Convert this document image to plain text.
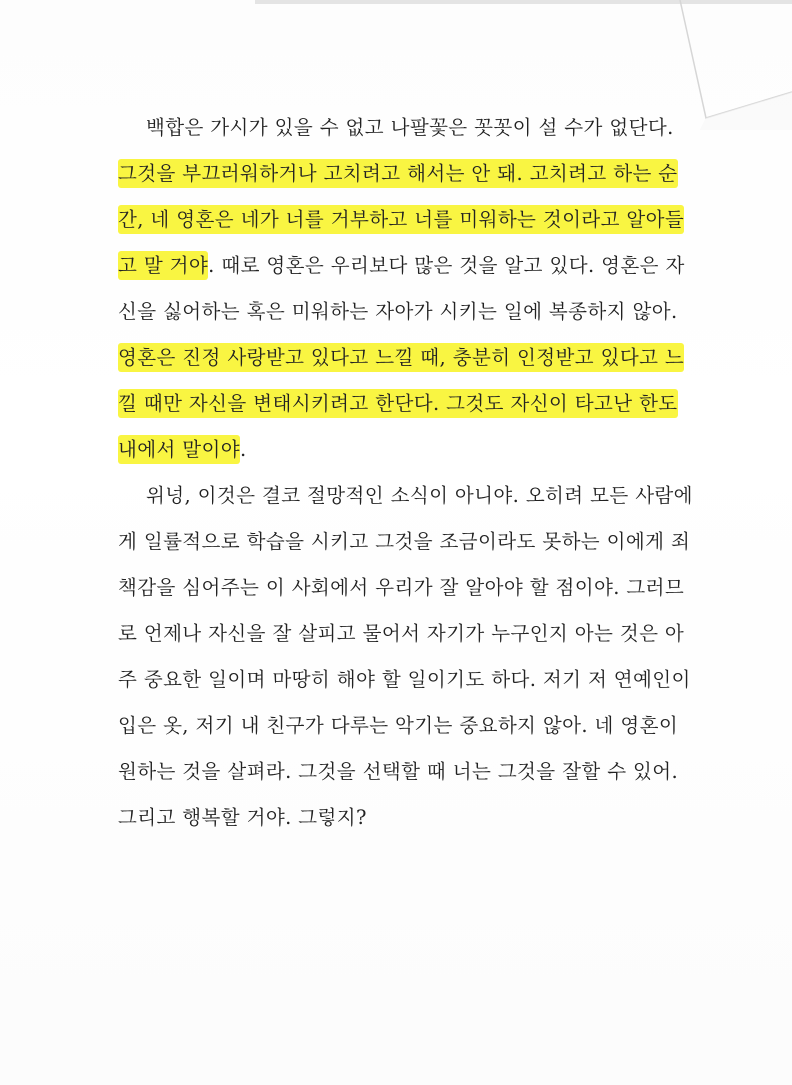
백합은 가시가 있을 수 없고 나팔꽃은 꼿꼿이 설 수가 없단다.
그것을 부끄러워하거나 고치려고 해서는 안 돼. 고치려고 하는 순
간, 네 영혼은 네가 너를 거부하고 너를 미워하는 것이라고 알아들
고 말 거야. 때로 영혼은 우리보다 많은 것을 알고 있다. 영혼은 자
신을 싫어하는 혹은 미워하는 자아가 시키는 일에 복종하지 않아.
영혼은 진정 사랑받고 있다고 느낄 때, 충분히 인정받고 있다고 느
낄 때만 자신을 변태시키려고 한단다. 그것도 자신이 타고난 한도
내에서 말이야.
위넝, 이것은 결코 절망적인 소식이 아니야. 오히려 모든 사람에
게 일률적으로 학습을 시키고 그것을 조금이라도 못하는 이에게 죄
책감을 심어주는 이 사회에서 우리가 잘 알아야 할 점이야. 그러므
로 언제나 자신을 잘 살피고 물어서 자기가 누구인지 아는 것은 아
주 중요한 일이며 마땅히 해야 할 일이기도 하다. 저기 저 연예인이
입은 옷, 저기 내 친구가 다루는 악기는 중요하지 않아. 네 영혼이
원하는 것을 살펴라. 그것을 선택할 때 너는 그것을 잘할 수 있어.
그리고 행복할 거야. 그렇지?
